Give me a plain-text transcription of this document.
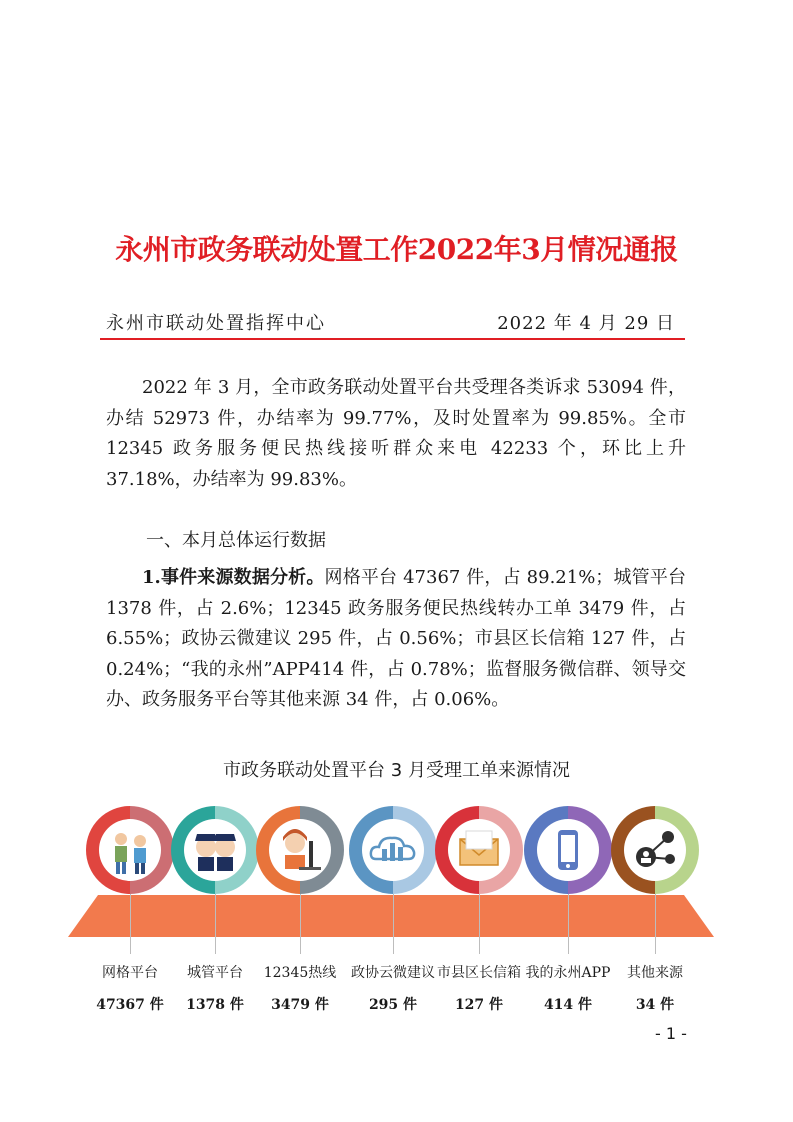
永州市政务联动处置工作2022年3月情况通报
永州市联动处置指挥中心	2022 年 4 月 29 日
2022 年 3 月，全市政务联动处置平台共受理各类诉求 53094 件，办结 52973 件，办结率为 99.77%，及时处置率为 99.85%。全市 12345 政务服务便民热线接听群众来电 42233 个，环比上升 37.18%，办结率为 99.83%。
一、本月总体运行数据
1.事件来源数据分析。网格平台 47367 件，占 89.21%；城管平台 1378 件，占 2.6%；12345 政务服务便民热线转办工单 3479 件，占 6.55%；政协云微建议 295 件，占 0.56%；市县区长信箱 127 件，占 0.24%；“我的永州”APP414 件，占 0.78%；监督服务微信群、领导交办、政务服务平台等其他来源 34 件，占 0.06%。
市政务联动处置平台 3 月受理工单来源情况
网格平台
47367 件
城管平台
1378 件
12345热线
3479 件
政协云微建议
295 件
市县区长信箱
127 件
我的永州APP
414 件
其他来源
34 件
- 1 -
